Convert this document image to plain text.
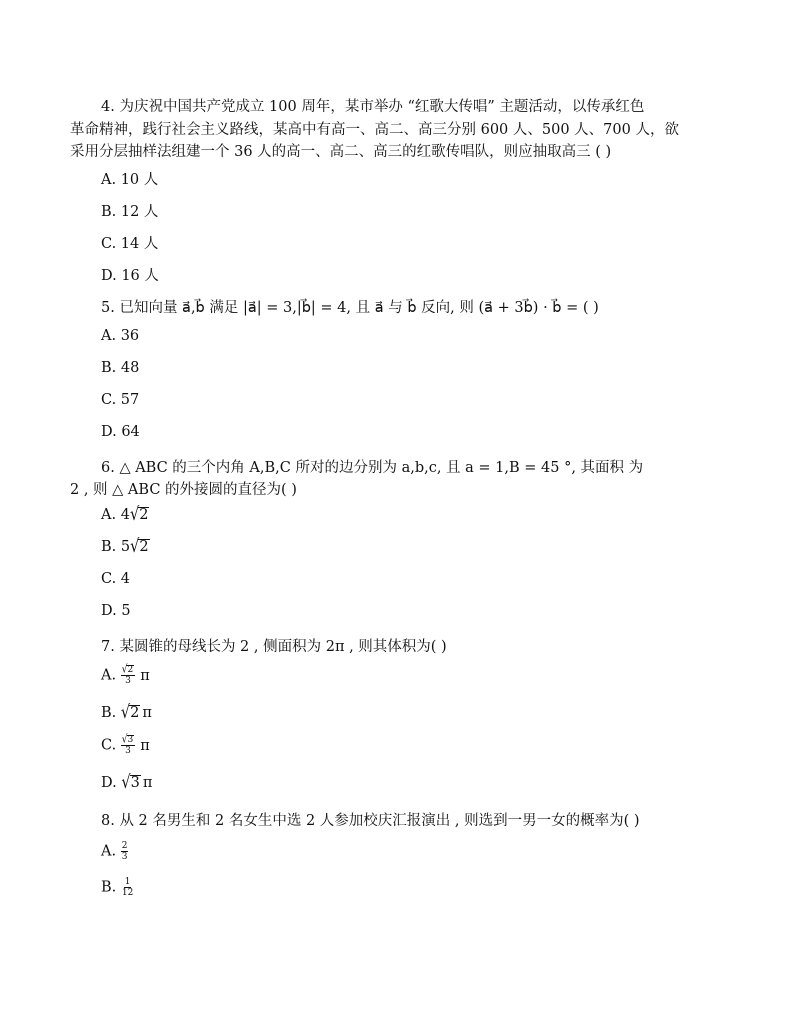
4. 为庆祝中国共产党成立 100 周年，某市举办 “红歌大传唱” 主题活动，以传承红色
革命精神，践行社会主义路线，某高中有高一、高二、高三分别 600 人、500 人、700 人，欲
采用分层抽样法组建一个 36 人的高一、高二、高三的红歌传唱队，则应抽取高三 ( )
A. 10 人
B. 12 人
C. 14 人
D. 16 人
5. 已知向量 a⃗,b⃗ 满足 |a⃗| = 3,|b⃗| = 4, 且 a⃗ 与 b⃗ 反向, 则 (a⃗ + 3b⃗) · b⃗ = ( )
A. 36
B. 48
C. 57
D. 64
6. △ ABC 的三个内角 A,B,C 所对的边分别为 a,b,c, 且 a = 1,B = 45 °, 其面积 为
2 , 则 △ ABC 的外接圆的直径为( )
A. 4√2
B. 5√2
C. 4
D. 5
7. 某圆锥的母线长为 2 , 侧面积为 2π , 则其体积为( )
A. $\frac{√2}{3}$ π
B. √2 π
C. $\frac{√3}{3}$ π
D. √3 π
8. 从 2 名男生和 2 名女生中选 2 人参加校庆汇报演出 , 则选到一男一女的概率为( )
A. $\frac{2}{3}$
B. $\frac{1}{12}$
